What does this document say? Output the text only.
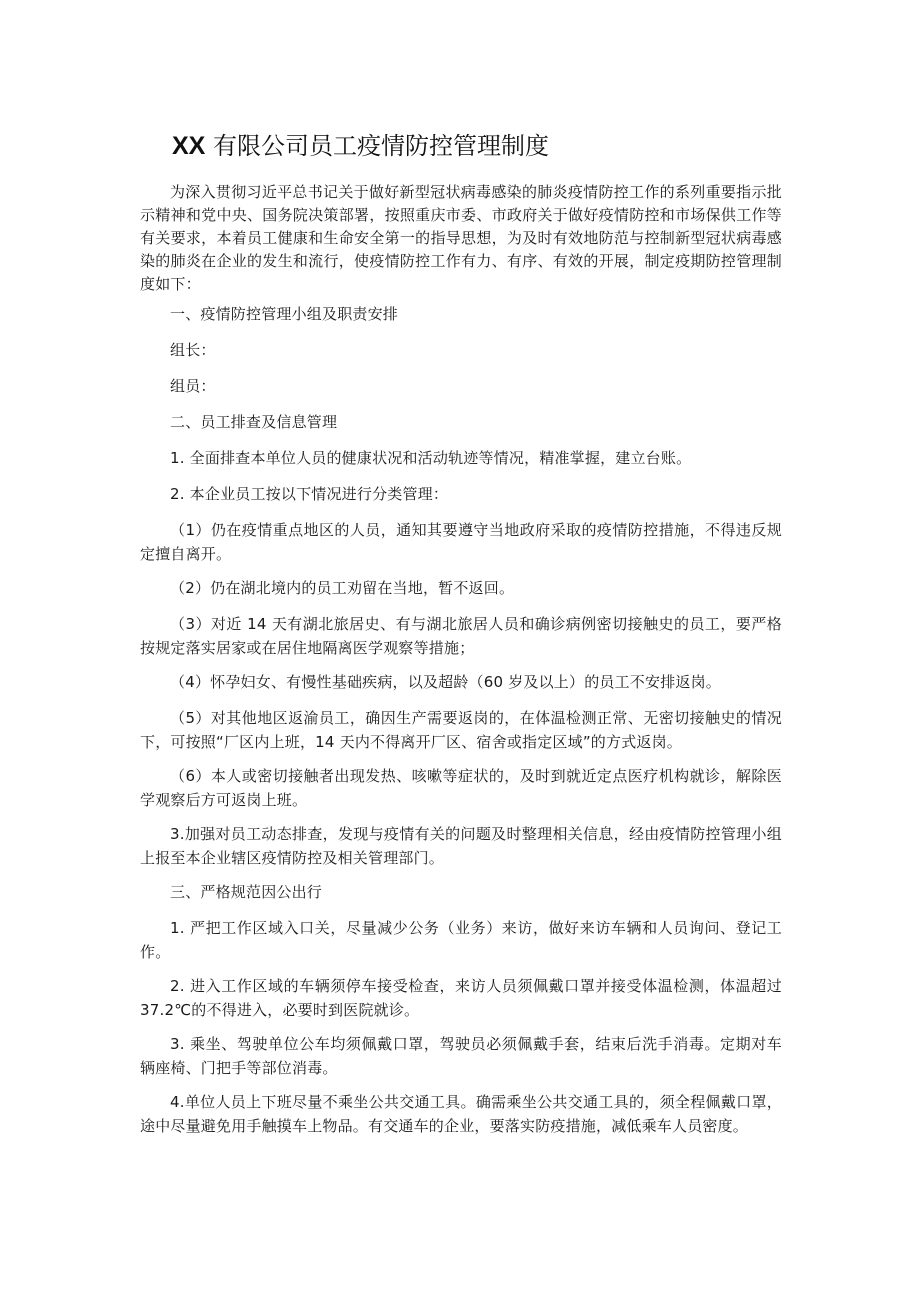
XX 有限公司员工疫情防控管理制度

为深入贯彻习近平总书记关于做好新型冠状病毒感染的肺炎疫情防控工作的系列重要指示批示精神和党中央、国务院决策部署，按照重庆市委、市政府关于做好疫情防控和市场保供工作等有关要求，本着员工健康和生命安全第一的指导思想，为及时有效地防范与控制新型冠状病毒感染的肺炎在企业的发生和流行，使疫情防控工作有力、有序、有效的开展，制定疫期防控管理制度如下：

一、疫情防控管理小组及职责安排

组长：

组员：

二、员工排查及信息管理

1. 全面排查本单位人员的健康状况和活动轨迹等情况，精准掌握，建立台账。

2. 本企业员工按以下情况进行分类管理：

（1）仍在疫情重点地区的人员，通知其要遵守当地政府采取的疫情防控措施，不得违反规定擅自离开。

（2）仍在湖北境内的员工劝留在当地，暂不返回。

（3）对近 14 天有湖北旅居史、有与湖北旅居人员和确诊病例密切接触史的员工，要严格按规定落实居家或在居住地隔离医学观察等措施；

（4）怀孕妇女、有慢性基础疾病，以及超龄（60 岁及以上）的员工不安排返岗。

（5）对其他地区返渝员工，确因生产需要返岗的，在体温检测正常、无密切接触史的情况下，可按照“厂区内上班，14 天内不得离开厂区、宿舍或指定区域”的方式返岗。

（6）本人或密切接触者出现发热、咳嗽等症状的，及时到就近定点医疗机构就诊，解除医学观察后方可返岗上班。

3.加强对员工动态排查，发现与疫情有关的问题及时整理相关信息，经由疫情防控管理小组上报至本企业辖区疫情防控及相关管理部门。

三、严格规范因公出行

1. 严把工作区域入口关，尽量减少公务（业务）来访，做好来访车辆和人员询问、登记工作。

2. 进入工作区域的车辆须停车接受检查，来访人员须佩戴口罩并接受体温检测，体温超过 37.2℃的不得进入，必要时到医院就诊。

3. 乘坐、驾驶单位公车均须佩戴口罩，驾驶员必须佩戴手套，结束后洗手消毒。定期对车辆座椅、门把手等部位消毒。

4.单位人员上下班尽量不乘坐公共交通工具。确需乘坐公共交通工具的，须全程佩戴口罩，途中尽量避免用手触摸车上物品。有交通车的企业，要落实防疫措施，减低乘车人员密度。
